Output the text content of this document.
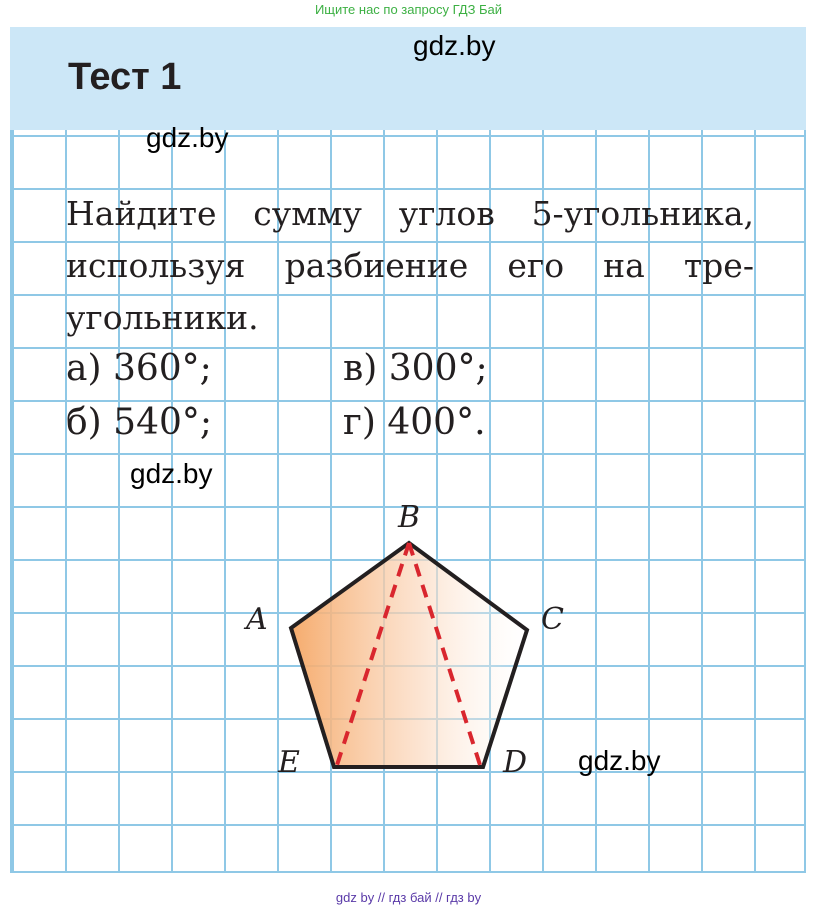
Ищите нас по запросу ГДЗ Бай
Тест 1
gdz.by
gdz.by
gdz.by
gdz.by
Найдите сумму углов 5-угольника, используя разбиение его на тре-угольники.
а) 360°;	в) 300°;
б) 540°;	г) 400°.
B
A	C
E	D
gdz by // гдз бай // гдз by
